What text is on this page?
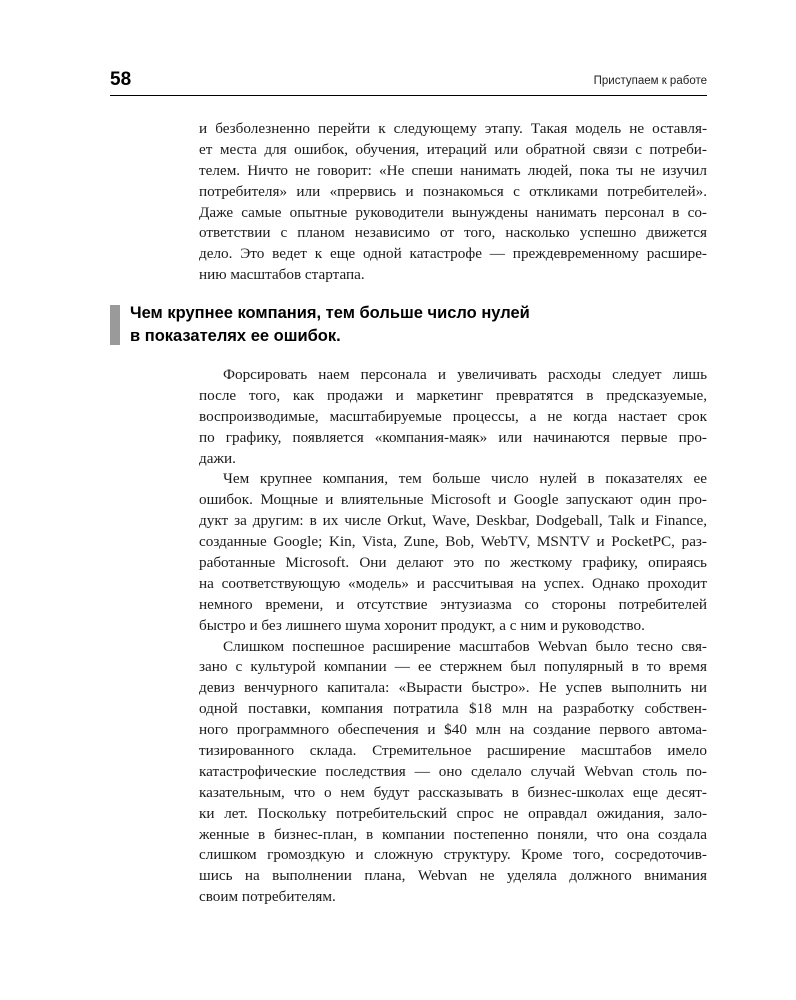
58	Приступаем к работе
и безболезненно перейти к следующему этапу. Такая модель не оставля-
ет места для ошибок, обучения, итераций или обратной связи с потреби-
телем. Ничто не говорит: «Не спеши нанимать людей, пока ты не изучил
потребителя» или «прервись и познакомься с откликами потребителей».
Даже самые опытные руководители вынуждены нанимать персонал в со-
ответствии с планом независимо от того, насколько успешно движется
дело. Это ведет к еще одной катастрофе — преждевременному расшире-
нию масштабов стартапа.
Чем крупнее компания, тем больше число нулей
в показателях ее ошибок.
Форсировать наем персонала и увеличивать расходы следует лишь
после того, как продажи и маркетинг превратятся в предсказуемые,
воспроизводимые, масштабируемые процессы, а не когда настает срок
по графику, появляется «компания-маяк» или начинаются первые про-
дажи.
Чем крупнее компания, тем больше число нулей в показателях ее
ошибок. Мощные и влиятельные Microsoft и Google запускают один про-
дукт за другим: в их числе Orkut, Wave, Deskbar, Dodgeball, Talk и Finance,
созданные Google; Kin, Vista, Zune, Bob, WebTV, MSNTV и PocketPC, раз-
работанные Microsoft. Они делают это по жесткому графику, опираясь
на соответствующую «модель» и рассчитывая на успех. Однако проходит
немного времени, и отсутствие энтузиазма со стороны потребителей
быстро и без лишнего шума хоронит продукт, а с ним и руководство.
Слишком поспешное расширение масштабов Webvan было тесно свя-
зано с культурой компании — ее стержнем был популярный в то время
девиз венчурного капитала: «Вырасти быстро». Не успев выполнить ни
одной поставки, компания потратила $18 млн на разработку собствен-
ного программного обеспечения и $40 млн на создание первого автома-
тизированного склада. Стремительное расширение масштабов имело
катастрофические последствия — оно сделало случай Webvan столь по-
казательным, что о нем будут рассказывать в бизнес-школах еще десят-
ки лет. Поскольку потребительский спрос не оправдал ожидания, зало-
женные в бизнес-план, в компании постепенно поняли, что она создала
слишком громоздкую и сложную структуру. Кроме того, сосредоточив-
шись на выполнении плана, Webvan не уделяла должного внимания
своим потребителям.
